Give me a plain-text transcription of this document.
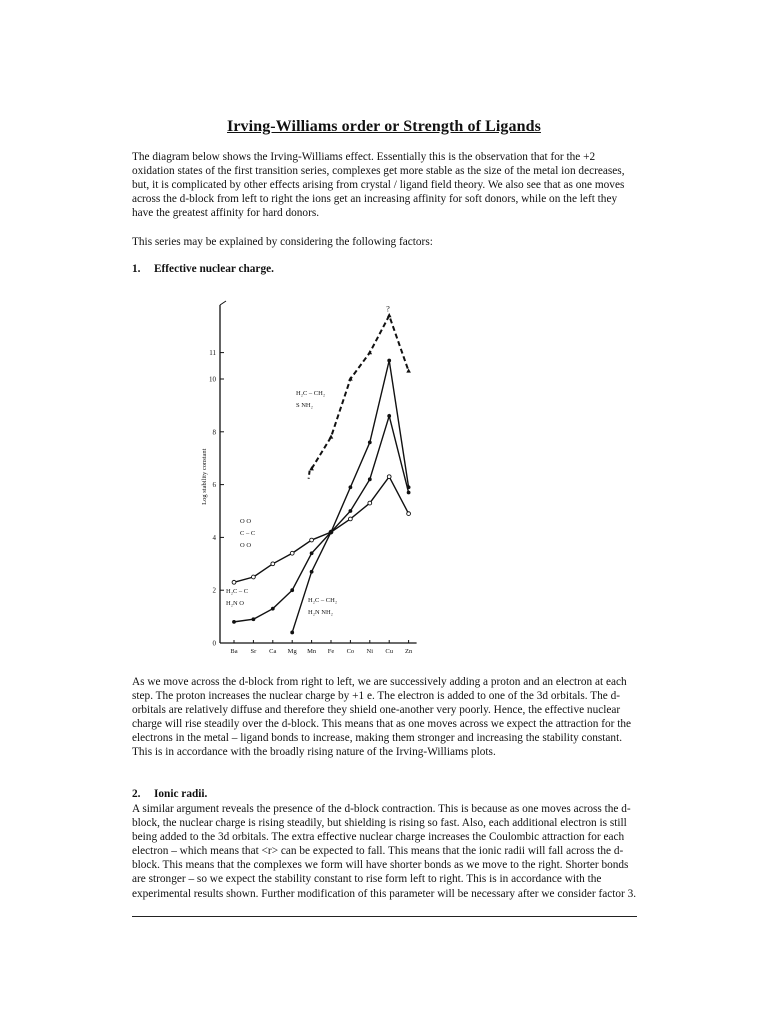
Irving-Williams order or Strength of Ligands

The diagram below shows the Irving-Williams effect. Essentially this is the observation that for the +2 oxidation states of the first transition series, complexes get more stable as the size of the metal ion decreases, but, it is complicated by other effects arising from crystal / ligand field theory. We also see that as one moves across the d-block from left to right the ions get an increasing affinity for soft donors, while on the left they have the greatest affinity for hard donors.

This series may be explained by considering the following factors:

1. Effective nuclear charge.
0
2
4
6
8
10
11
Ba Sr Ca Mg Mn Fe Co Ni Cu Zn
Log stability constant
?
H₂C – CH₂
S NH₂
O O
C – C
O O
H₂C – C
H₂N O	H₂C – CH₂
H₂N NH₂

As we move across the d-block from right to left, we are successively adding a proton and an electron at each step. The proton increases the nuclear charge by +1 e. The electron is added to one of the 3d orbitals. The d-orbitals are relatively diffuse and therefore they shield one-another very poorly. Hence, the effective nuclear charge will rise steadily over the d-block. This means that as one moves across we expect the attraction for the electrons in the metal – ligand bonds to increase, making them stronger and increasing the stability constant. This is in accordance with the broadly rising nature of the Irving-Williams plots.

2. Ionic radii.

A similar argument reveals the presence of the d-block contraction. This is because as one moves across the d-block, the nuclear charge is rising steadily, but shielding is rising so fast. Also, each additional electron is still being added to the 3d orbitals. The extra effective nuclear charge increases the Coulombic attraction for each electron – which means that <r> can be expected to fall. This means that the ionic radii will fall across the d-block. This means that the complexes we form will have shorter bonds as we move to the right. Shorter bonds are stronger – so we expect the stability constant to rise form left to right. This is in accordance with the experimental results shown. Further modification of this parameter will be necessary after we consider factor 3.
